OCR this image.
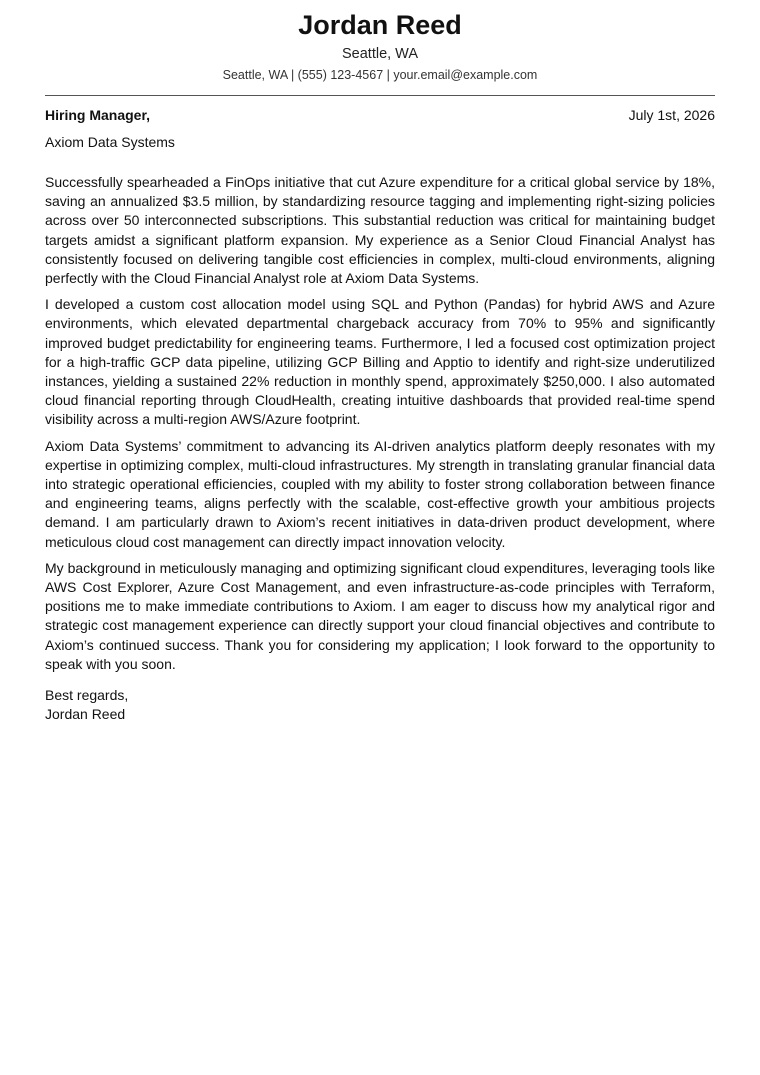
Jordan Reed
Seattle, WA
Seattle, WA | (555) 123-4567 | your.email@example.com
Hiring Manager,	July 1st, 2026
Axiom Data Systems

Successfully spearheaded a FinOps initiative that cut Azure expenditure for a critical global service by 18%, saving an annualized $3.5 million, by standardizing resource tagging and implementing right-sizing policies across over 50 interconnected subscriptions. This substantial reduction was critical for maintaining budget targets amidst a significant platform expansion. My experience as a Senior Cloud Financial Analyst has consistently focused on delivering tangible cost efficiencies in complex, multi-cloud environments, aligning perfectly with the Cloud Financial Analyst role at Axiom Data Systems.

I developed a custom cost allocation model using SQL and Python (Pandas) for hybrid AWS and Azure environments, which elevated departmental chargeback accuracy from 70% to 95% and significantly improved budget predictability for engineering teams. Furthermore, I led a focused cost optimization project for a high-traffic GCP data pipeline, utilizing GCP Billing and Apptio to identify and right-size underutilized instances, yielding a sustained 22% reduction in monthly spend, approximately $250,000. I also automated cloud financial reporting through CloudHealth, creating intuitive dashboards that provided real-time spend visibility across a multi-region AWS/Azure footprint.

Axiom Data Systems’ commitment to advancing its AI-driven analytics platform deeply resonates with my expertise in optimizing complex, multi-cloud infrastructures. My strength in translating granular financial data into strategic operational efficiencies, coupled with my ability to foster strong collaboration between finance and engineering teams, aligns perfectly with the scalable, cost-effective growth your ambitious projects demand. I am particularly drawn to Axiom’s recent initiatives in data-driven product development, where meticulous cloud cost management can directly impact innovation velocity.

My background in meticulously managing and optimizing significant cloud expenditures, leveraging tools like AWS Cost Explorer, Azure Cost Management, and even infrastructure-as-code principles with Terraform, positions me to make immediate contributions to Axiom. I am eager to discuss how my analytical rigor and strategic cost management experience can directly support your cloud financial objectives and contribute to Axiom’s continued success. Thank you for considering my application; I look forward to the opportunity to speak with you soon.

Best regards,
Jordan Reed
